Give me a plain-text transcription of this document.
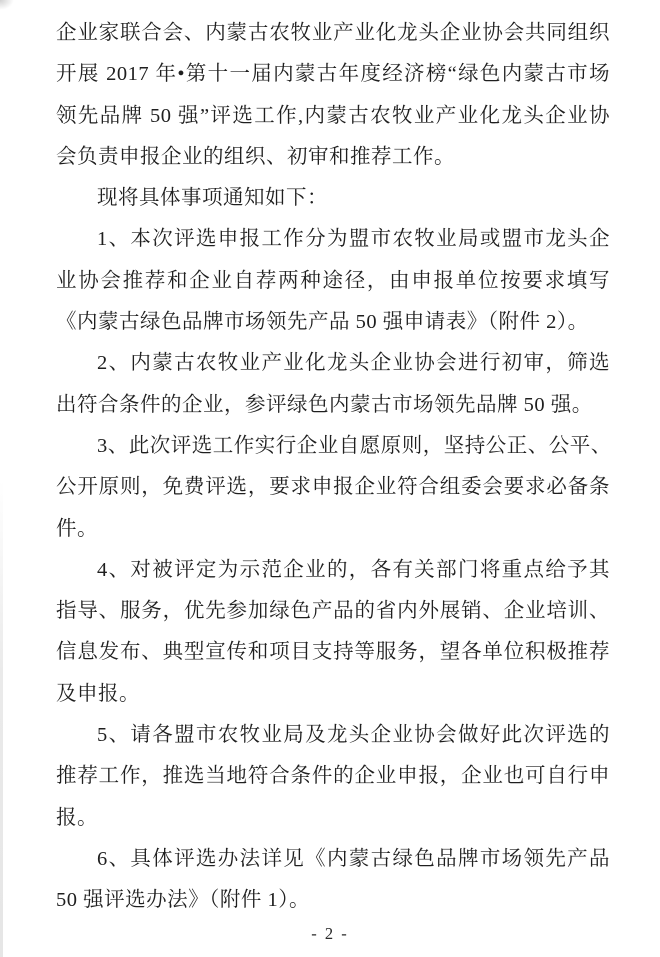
企业家联合会、内蒙古农牧业产业化龙头企业协会共同组织
开展 2017 年•第十一届内蒙古年度经济榜“绿色内蒙古市场
领先品牌 50 强”评选工作,内蒙古农牧业产业化龙头企业协
会负责申报企业的组织、初审和推荐工作。
现将具体事项通知如下：
1、本次评选申报工作分为盟市农牧业局或盟市龙头企
业协会推荐和企业自荐两种途径，由申报单位按要求填写
《内蒙古绿色品牌市场领先产品 50 强申请表》（附件 2）。
2、内蒙古农牧业产业化龙头企业协会进行初审，筛选
出符合条件的企业，参评绿色内蒙古市场领先品牌 50 强。
3、此次评选工作实行企业自愿原则，坚持公正、公平、
公开原则，免费评选，要求申报企业符合组委会要求必备条
件。
4、对被评定为示范企业的，各有关部门将重点给予其
指导、服务，优先参加绿色产品的省内外展销、企业培训、
信息发布、典型宣传和项目支持等服务，望各单位积极推荐
及申报。
5、请各盟市农牧业局及龙头企业协会做好此次评选的
推荐工作，推选当地符合条件的企业申报，企业也可自行申
报。
6、具体评选办法详见《内蒙古绿色品牌市场领先产品
50 强评选办法》（附件 1）。
- 2 -
